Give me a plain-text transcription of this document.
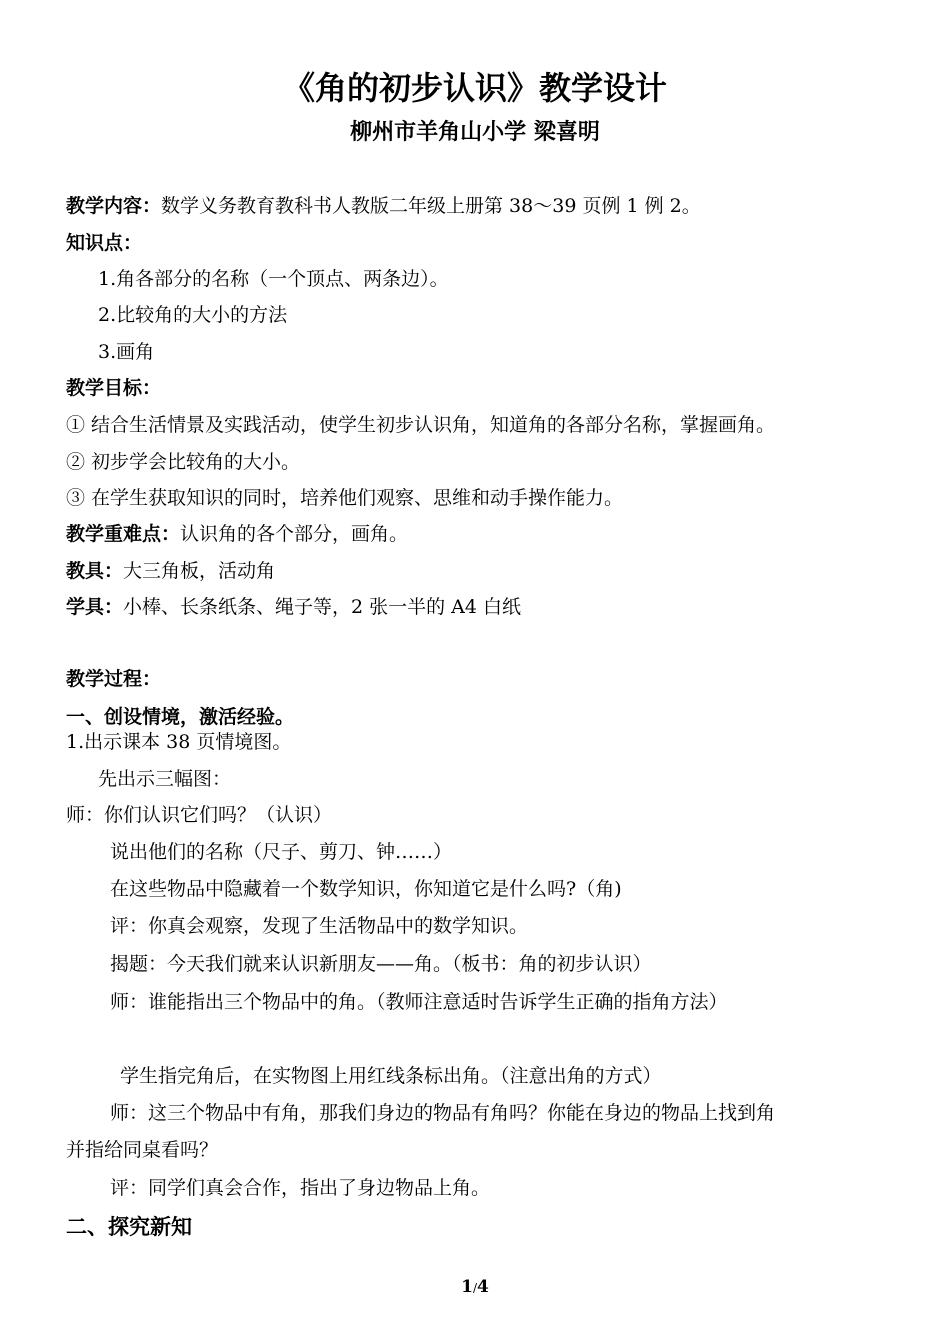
《角的初步认识》教学设计
柳州市羊角山小学 梁喜明
教学内容：数学义务教育教科书人教版二年级上册第 38～39 页例 1 例 2。
知识点：
1.角各部分的名称（一个顶点、两条边）。
2.比较角的大小的方法
3.画角
教学目标：
① 结合生活情景及实践活动，使学生初步认识角，知道角的各部分名称，掌握画角。
② 初步学会比较角的大小。
③ 在学生获取知识的同时，培养他们观察、思维和动手操作能力。
教学重难点：认识角的各个部分，画角。
教具：大三角板，活动角
学具：小棒、长条纸条、绳子等，2 张一半的 A4 白纸
教学过程：
一、创设情境，激活经验。
1.出示课本 38 页情境图。
先出示三幅图：
师：你们认识它们吗？（认识）
说出他们的名称（尺子、剪刀、钟……）
在这些物品中隐藏着一个数学知识，你知道它是什么吗?（角)
评：你真会观察，发现了生活物品中的数学知识。
揭题：今天我们就来认识新朋友——角。（板书：角的初步认识）
师：谁能指出三个物品中的角。（教师注意适时告诉学生正确的指角方法）
学生指完角后，在实物图上用红线条标出角。（注意出角的方式）
师：这三个物品中有角，那我们身边的物品有角吗？你能在身边的物品上找到角
并指给同桌看吗？
评：同学们真会合作，指出了身边物品上角。
二、探究新知
1/4
